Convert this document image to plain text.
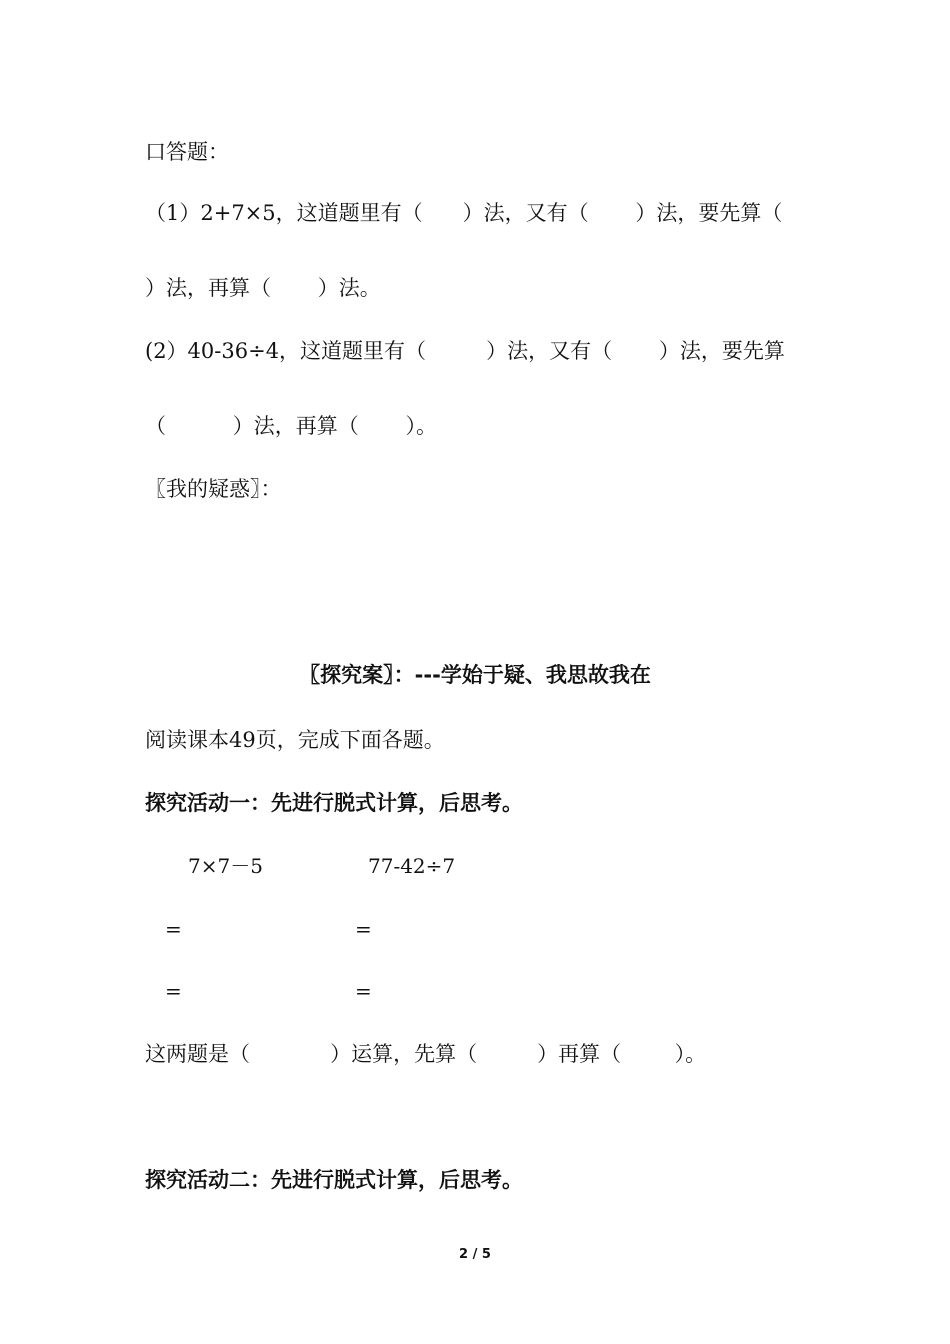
口答题：
（1）2+7×5，这道题里有（      ）法，又有（       ）法，要先算（
）法，再算（       ）法。
(2）40-36÷4，这道题里有（         ）法，又有（       ）法，要先算
（          ）法，再算（       ）。
〖我的疑惑〗：
〖探究案〗：---学始于疑、我思故我在
阅读课本49页，完成下面各题。
探究活动一：先进行脱式计算，后思考。
7×7－5	77-42÷7
=	=
=	=
这两题是（            ）运算，先算（         ）再算（        ）。
探究活动二：先进行脱式计算，后思考。
2 / 5
